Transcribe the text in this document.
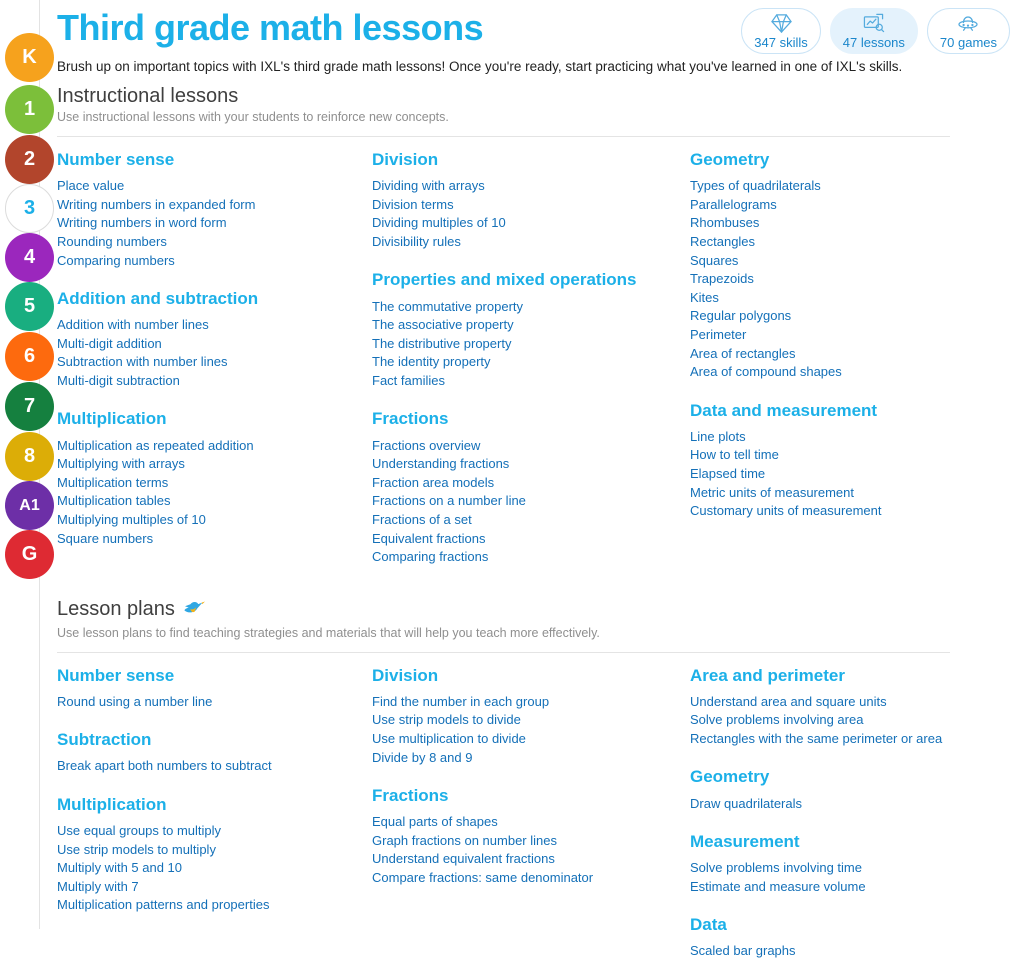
K
1
2
3
4
5
6
7
8
A1
G
347 skills	47 lessons	70 games
Third grade math lessons

Brush up on important topics with IXL's third grade math lessons! Once you're ready, start practicing what you've learned in one of IXL's skills.

Instructional lessons

Use instructional lessons with your students to reinforce new concepts.

Number sense
Place value
Writing numbers in expanded form
Writing numbers in word form
Rounding numbers
Comparing numbers
Addition and subtraction
Addition with number lines
Multi-digit addition
Subtraction with number lines
Multi-digit subtraction
Multiplication
Multiplication as repeated addition
Multiplying with arrays
Multiplication terms
Multiplication tables
Multiplying multiples of 10
Square numbers
Division
Dividing with arrays
Division terms
Dividing multiples of 10
Divisibility rules
Properties and mixed operations
The commutative property
The associative property
The distributive property
The identity property
Fact families
Fractions
Fractions overview
Understanding fractions
Fraction area models
Fractions on a number line
Fractions of a set
Equivalent fractions
Comparing fractions
Geometry
Types of quadrilaterals
Parallelograms
Rhombuses
Rectangles
Squares
Trapezoids
Kites
Regular polygons
Perimeter
Area of rectangles
Area of compound shapes
Data and measurement
Line plots
How to tell time
Elapsed time
Metric units of measurement
Customary units of measurement
Lesson plans

Use lesson plans to find teaching strategies and materials that will help you teach more effectively.

Number sense
Round using a number line
Subtraction
Break apart both numbers to subtract
Multiplication
Use equal groups to multiply
Use strip models to multiply
Multiply with 5 and 10
Multiply with 7
Multiplication patterns and properties
Division
Find the number in each group
Use strip models to divide
Use multiplication to divide
Divide by 8 and 9
Fractions
Equal parts of shapes
Graph fractions on number lines
Understand equivalent fractions
Compare fractions: same denominator
Area and perimeter
Understand area and square units
Solve problems involving area
Rectangles with the same perimeter or area
Geometry
Draw quadrilaterals
Measurement
Solve problems involving time
Estimate and measure volume
Data
Scaled bar graphs
